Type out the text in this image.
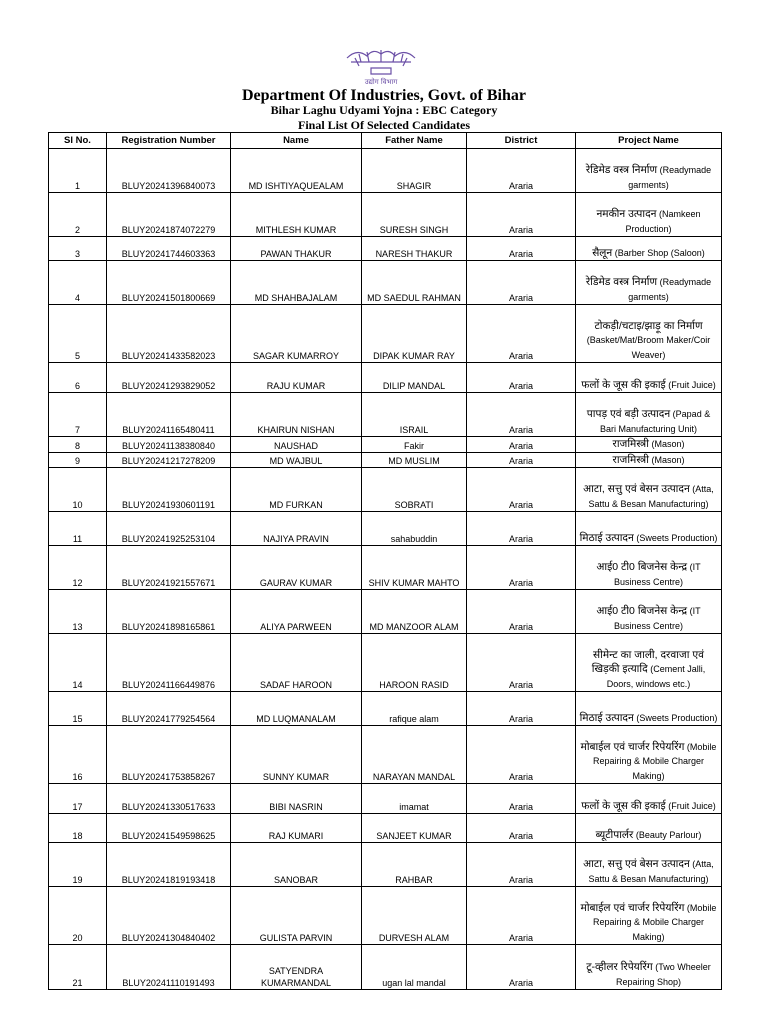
उद्योग विभाग
Department Of Industries, Govt. of Bihar
Bihar Laghu Udyami Yojna : EBC Category
Final List Of Selected Candidates
Sl No.	Registration Number	Name	Father Name	District	Project Name
1	BLUY20241396840073	MD ISHTIYAQUEALAM	SHAGIR	Araria	रेडिमेड वस्त्र निर्माण (Readymade garments)
2	BLUY20241874072279	MITHLESH KUMAR	SURESH SINGH	Araria	नमकीन उत्पादन (Namkeen Production)
3	BLUY20241744603363	PAWAN THAKUR	NARESH THAKUR	Araria	सैलून (Barber Shop (Saloon)
4	BLUY20241501800669	MD SHAHBAJALAM	MD SAEDUL RAHMAN	Araria	रेडिमेड वस्त्र निर्माण (Readymade garments)
5	BLUY20241433582023	SAGAR KUMARROY	DIPAK KUMAR RAY	Araria	टोकड़ी/चटाइ/झाड़ू का निर्माण (Basket/Mat/Broom Maker/Coir Weaver)
6	BLUY20241293829052	RAJU KUMAR	DILIP MANDAL	Araria	फलों के जूस की इकाई (Fruit Juice)
7	BLUY20241165480411	KHAIRUN NISHAN	ISRAIL	Araria	पापड़ एवं बड़ी उत्पादन (Papad & Bari Manufacturing Unit)
8	BLUY20241138380840	NAUSHAD	Fakir	Araria	राजमिस्त्री (Mason)
9	BLUY20241217278209	MD WAJBUL	MD MUSLIM	Araria	राजमिस्त्री (Mason)
10	BLUY20241930601191	MD FURKAN	SOBRATI	Araria	आटा, सत्तु एवं बेसन उत्पादन (Atta, Sattu & Besan Manufacturing)
11	BLUY20241925253104	NAJIYA PRAVIN	sahabuddin	Araria	मिठाई उत्पादन (Sweets Production)
12	BLUY20241921557671	GAURAV KUMAR	SHIV KUMAR MAHTO	Araria	आई0 टी0 बिजनेस केन्द्र (IT Business Centre)
13	BLUY20241898165861	ALIYA PARWEEN	MD MANZOOR ALAM	Araria	आई0 टी0 बिजनेस केन्द्र (IT Business Centre)
14	BLUY20241166449876	SADAF HAROON	HAROON RASID	Araria	सीमेन्ट का जाली, दरवाजा एवं खिड़की इत्यादि (Cement Jalli, Doors, windows etc.)
15	BLUY20241779254564	MD LUQMANALAM	rafique alam	Araria	मिठाई उत्पादन (Sweets Production)
16	BLUY20241753858267	SUNNY KUMAR	NARAYAN MANDAL	Araria	मोबाईल एवं चार्जर रिपेयरिंग (Mobile Repairing & Mobile Charger Making)
17	BLUY20241330517633	BIBI NASRIN	imamat	Araria	फलों के जूस की इकाई (Fruit Juice)
18	BLUY20241549598625	RAJ KUMARI	SANJEET KUMAR	Araria	ब्यूटीपार्लर (Beauty Parlour)
19	BLUY20241819193418	SANOBAR	RAHBAR	Araria	आटा, सत्तु एवं बेसन उत्पादन (Atta, Sattu & Besan Manufacturing)
20	BLUY20241304840402	GULISTA PARVIN	DURVESH ALAM	Araria	मोबाईल एवं चार्जर रिपेयरिंग (Mobile Repairing & Mobile Charger Making)
21	BLUY20241110191493	SATYENDRA KUMARMANDAL	ugan lal mandal	Araria	टू-व्हीलर रिपेयरिंग (Two Wheeler Repairing Shop)
